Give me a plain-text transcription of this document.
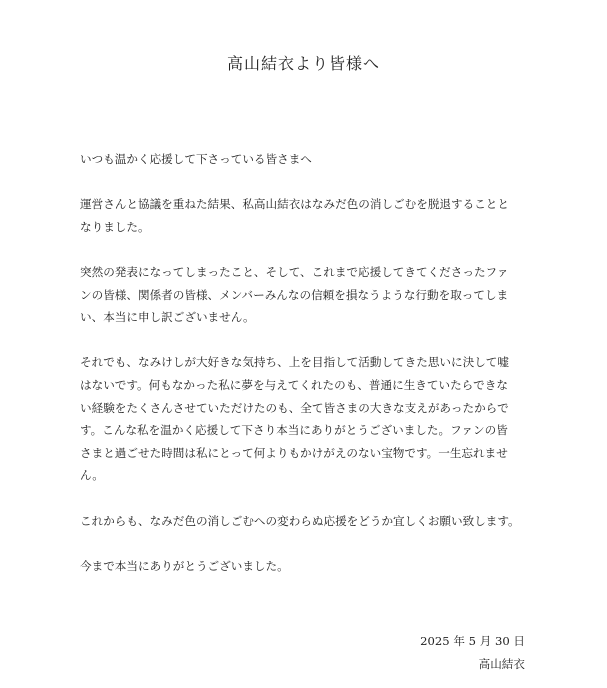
高山結衣より皆様へ

いつも温かく応援して下さっている皆さまへ

運営さんと協議を重ねた結果、私高山結衣はなみだ色の消しごむを脱退することと
なりました。

突然の発表になってしまったこと、そして、これまで応援してきてくださったファ
ンの皆様、関係者の皆様、メンバーみんなの信頼を損なうような行動を取ってしま
い、本当に申し訳ございません。

それでも、なみけしが大好きな気持ち、上を目指して活動してきた思いに決して嘘
はないです。何もなかった私に夢を与えてくれたのも、普通に生きていたらできな
い経験をたくさんさせていただけたのも、全て皆さまの大きな支えがあったからで
す。こんな私を温かく応援して下さり本当にありがとうございました。ファンの皆
さまと過ごせた時間は私にとって何よりもかけがえのない宝物です。一生忘れませ
ん。

これからも、なみだ色の消しごむへの変わらぬ応援をどうか宜しくお願い致します。

今まで本当にありがとうございました。

2025 年 5 月 30 日
高山結衣
